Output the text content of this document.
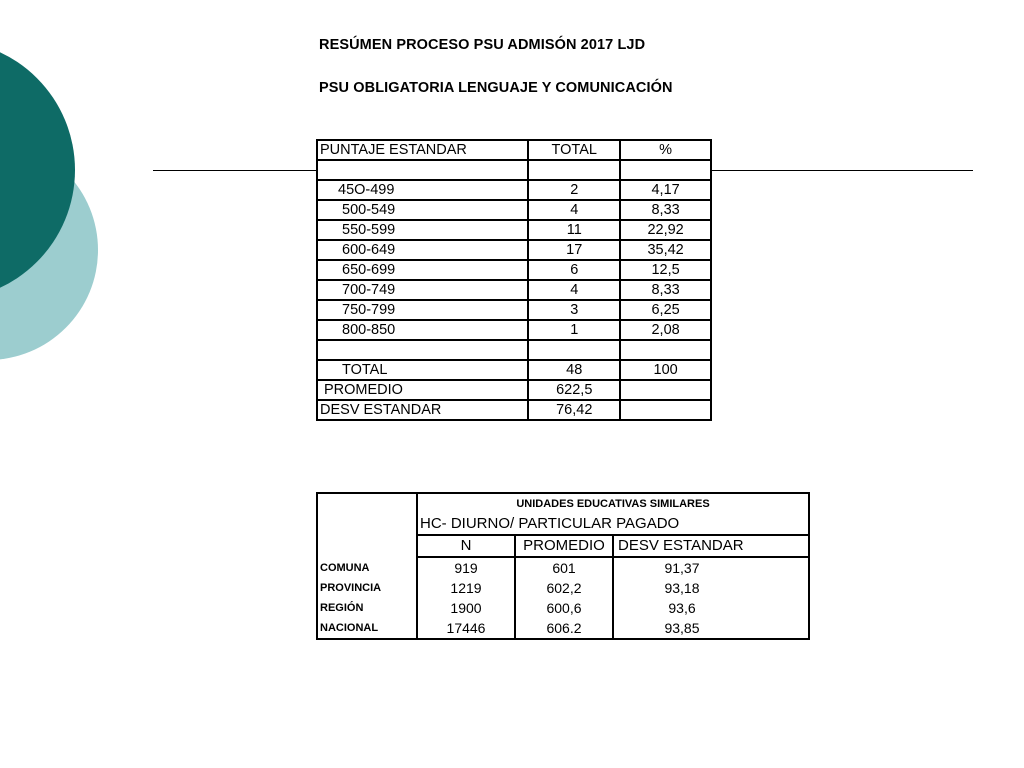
RESÚMEN PROCESO PSU ADMISÓN 2017 LJD
PSU OBLIGATORIA LENGUAJE Y COMUNICACIÓN
PUNTAJE ESTANDAR	TOTAL	%

45O-499	2	4,17
500-549	4	8,33
550-599	11	22,92
600-649	17	35,42
650-699	6	12,5
700-749	4	8,33
750-799	3	6,25
800-850	1	2,08

TOTAL	48	100
PROMEDIO	622,5	
DESV ESTANDAR	76,42	
	UNIDADES EDUCATIVAS SIMILARES		
	HC- DIURNO/ PARTICULAR PAGADO		
	N	PROMEDIO	DESV ESTANDAR
COMUNA	919	601	91,37
PROVINCIA	1219	602,2	93,18
REGIÓN	1900	600,6	93,6
NACIONAL	17446	606.2	93,85
